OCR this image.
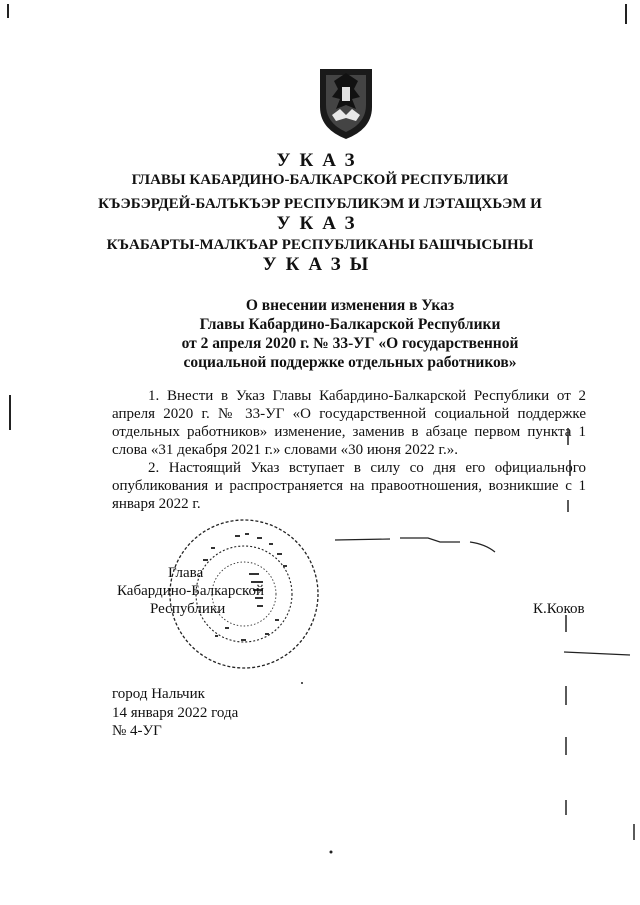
УКАЗ
ГЛАВЫ КАБАРДИНО-БАЛКАРСКОЙ РЕСПУБЛИКИ
КЪЭБЭРДЕЙ-БАЛЪКЪЭР РЕСПУБЛИКЭМ И ЛЭТАЩХЬЭМ И
УКАЗ
КЪАБАРТЫ-МАЛКЪАР РЕСПУБЛИКАНЫ БАШЧЫСЫНЫ
УКАЗЫ
О внесении изменения в Указ
Главы Кабардино-Балкарской Республики
от 2 апреля 2020 г. № 33-УГ «О государственной
социальной поддержке отдельных работников»

1. Внести в Указ Главы Кабардино-Балкарской Республики от 2 апреля 2020 г. № 33-УГ «О государственной социальной поддержке отдельных работников» изменение, заменив в абзаце первом пункта 1 слова «31 декабря 2021 г.» словами «30 июня 2022 г.».

2. Настоящий Указ вступает в силу со дня его официального опубликования и распространяется на правоотношения, возникшие с 1 января 2022 г.

Глава
Кабардино-Балкарской
Республики	К.Коков
город Нальчик
14 января 2022 года
№ 4-УГ
